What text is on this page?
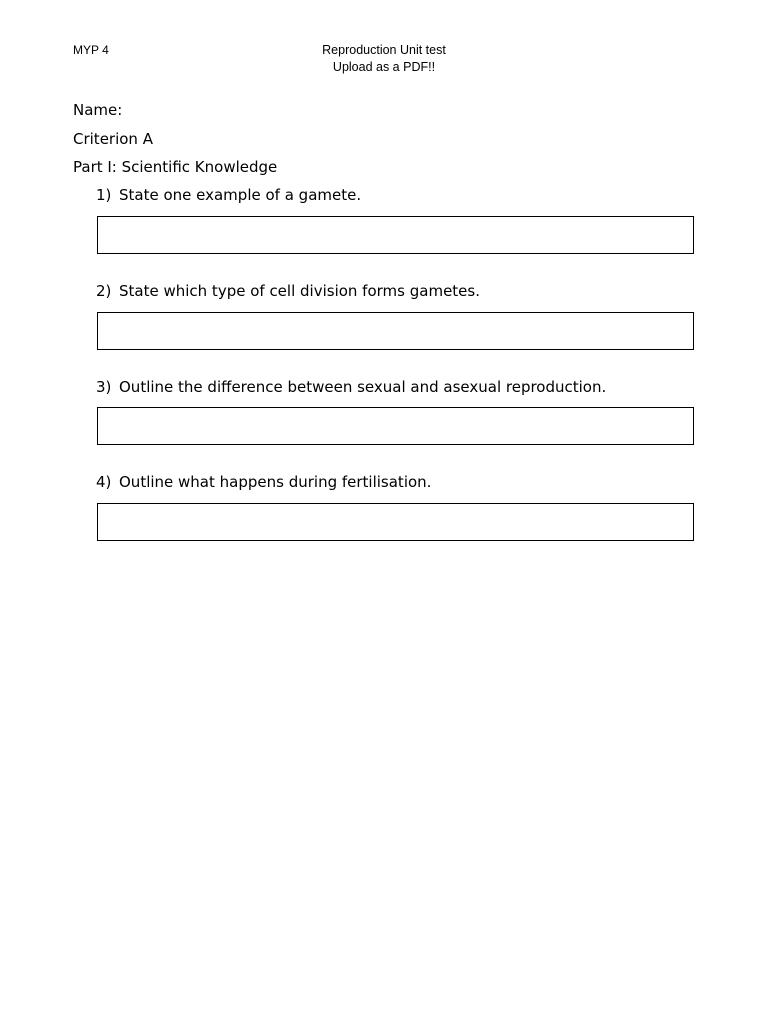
MYP 4	Reproduction Unit test
Upload as a PDF!!
Name:
Criterion A
Part I: Scientific Knowledge
1) State one example of a gamete.
2) State which type of cell division forms gametes.
3) Outline the difference between sexual and asexual reproduction.
4) Outline what happens during fertilisation.
